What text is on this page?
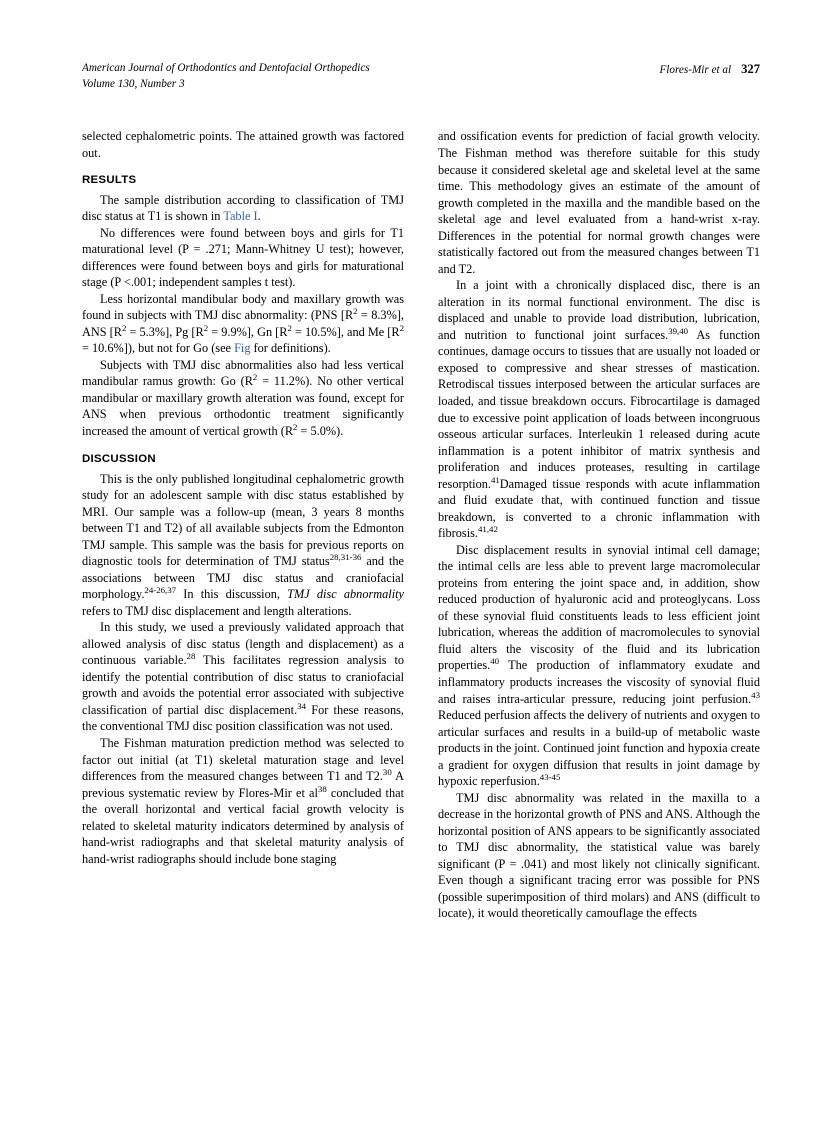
American Journal of Orthodontics and Dentofacial Orthopedics
Volume 130, Number 3
Flores-Mir et al 327

selected cephalometric points. The attained growth was factored out.

RESULTS

The sample distribution according to classification of TMJ disc status at T1 is shown in Table I.

No differences were found between boys and girls for T1 maturational level (P = .271; Mann-Whitney U test); however, differences were found between boys and girls for maturational stage (P <.001; independent samples t test).

Less horizontal mandibular body and maxillary growth was found in subjects with TMJ disc abnormality: (PNS $[R^2 = 8.3\%]$, ANS $[R^2 = 5.3\%]$, Pg $[R^2 = 9.9\%]$, Gn $[R^2 = 10.5\%]$, and Me $[R^2 = 10.6\%]$), but not for Go (see Fig for definitions).

Subjects with TMJ disc abnormalities also had less vertical mandibular ramus growth: Go $(R^2 = 11.2\%)$. No other vertical mandibular or maxillary growth alteration was found, except for ANS when previous orthodontic treatment significantly increased the amount of vertical growth $(R^2 = 5.0\%)$.

DISCUSSION

This is the only published longitudinal cephalometric growth study for an adolescent sample with disc status established by MRI. Our sample was a follow-up (mean, 3 years 8 months between T1 and T2) of all available subjects from the Edmonton TMJ sample. This sample was the basis for previous reports on diagnostic tools for determination of TMJ status$^{28,31-36}$ and the associations between TMJ disc status and craniofacial morphology.$^{24-26,37}$ In this discussion, TMJ disc abnormality refers to TMJ disc displacement and length alterations.

In this study, we used a previously validated approach that allowed analysis of disc status (length and displacement) as a continuous variable.$^{28}$ This facilitates regression analysis to identify the potential contribution of disc status to craniofacial growth and avoids the potential error associated with subjective classification of partial disc displacement.$^{34}$ For these reasons, the conventional TMJ disc position classification was not used.

The Fishman maturation prediction method was selected to factor out initial (at T1) skeletal maturation stage and level differences from the measured changes between T1 and T2.30 A previous systematic review by Flores-Mir et $al^{38}$ concluded that the overall horizontal and vertical facial growth velocity is related to skeletal maturity indicators determined by analysis of hand-wrist radiographs and that skeletal maturity analysis of hand-wrist radiographs should include bone staging

and ossification events for prediction of facial growth velocity. The Fishman method was therefore suitable for this study because it considered skeletal age and skeletal level at the same time. This methodology gives an estimate of the amount of growth completed in the maxilla and the mandible based on the skeletal age and level evaluated from a hand-wrist x-ray. Differences in the potential for normal growth changes were statistically factored out from the measured changes between T1 and T2.

In a joint with a chronically displaced disc, there is an alteration in its normal functional environment. The disc is displaced and unable to provide load distribution, lubrication, and nutrition to functional joint surfaces.$^{39,40}$ As function continues, damage occurs to tissues that are usually not loaded or exposed to compressive and shear stresses of mastication. Retrodiscal tissues interposed between the articular surfaces are loaded, and tissue breakdown occurs. Fibrocartilage is damaged due to excessive point application of loads between incongruous osseous articular surfaces. Interleukin 1 released during acute inflammation is a potent inhibitor of matrix synthesis and proliferation and induces proteases, resulting in cartilage resorption.$^{41}$Damaged tissue responds with acute inflammation and fluid exudate that, with continued function and tissue breakdown, is converted to a chronic inflammation with fibrosis.$^{41,42}$

Disc displacement results in synovial intimal cell damage; the intimal cells are less able to prevent large macromolecular proteins from entering the joint space and, in addition, show reduced production of hyaluronic acid and proteoglycans. Loss of these synovial fluid constituents leads to less efficient joint lubrication, whereas the addition of macromolecules to synovial fluid alters the viscosity of the fluid and its lubrication properties.$^{40}$ The production of inflammatory exudate and inflammatory products increases the viscosity of synovial fluid and raises intra-articular pressure, reducing joint perfusion.$^{43}$ Reduced perfusion affects the delivery of nutrients and oxygen to articular surfaces and results in a build-up of metabolic waste products in the joint. Continued joint function and hypoxia create a gradient for oxygen diffusion that results in joint damage by hypoxic reperfusion.$^{43-45}$

TMJ disc abnormality was related in the maxilla to a decrease in the horizontal growth of PNS and ANS. Although the horizontal position of ANS appears to be significantly associated to TMJ disc abnormality, the statistical value was barely significant (P = .041) and most likely not clinically significant. Even though a significant tracing error was possible for PNS (possible superimposition of third molars) and ANS (difficult to locate), it would theoretically camouflage the effects
